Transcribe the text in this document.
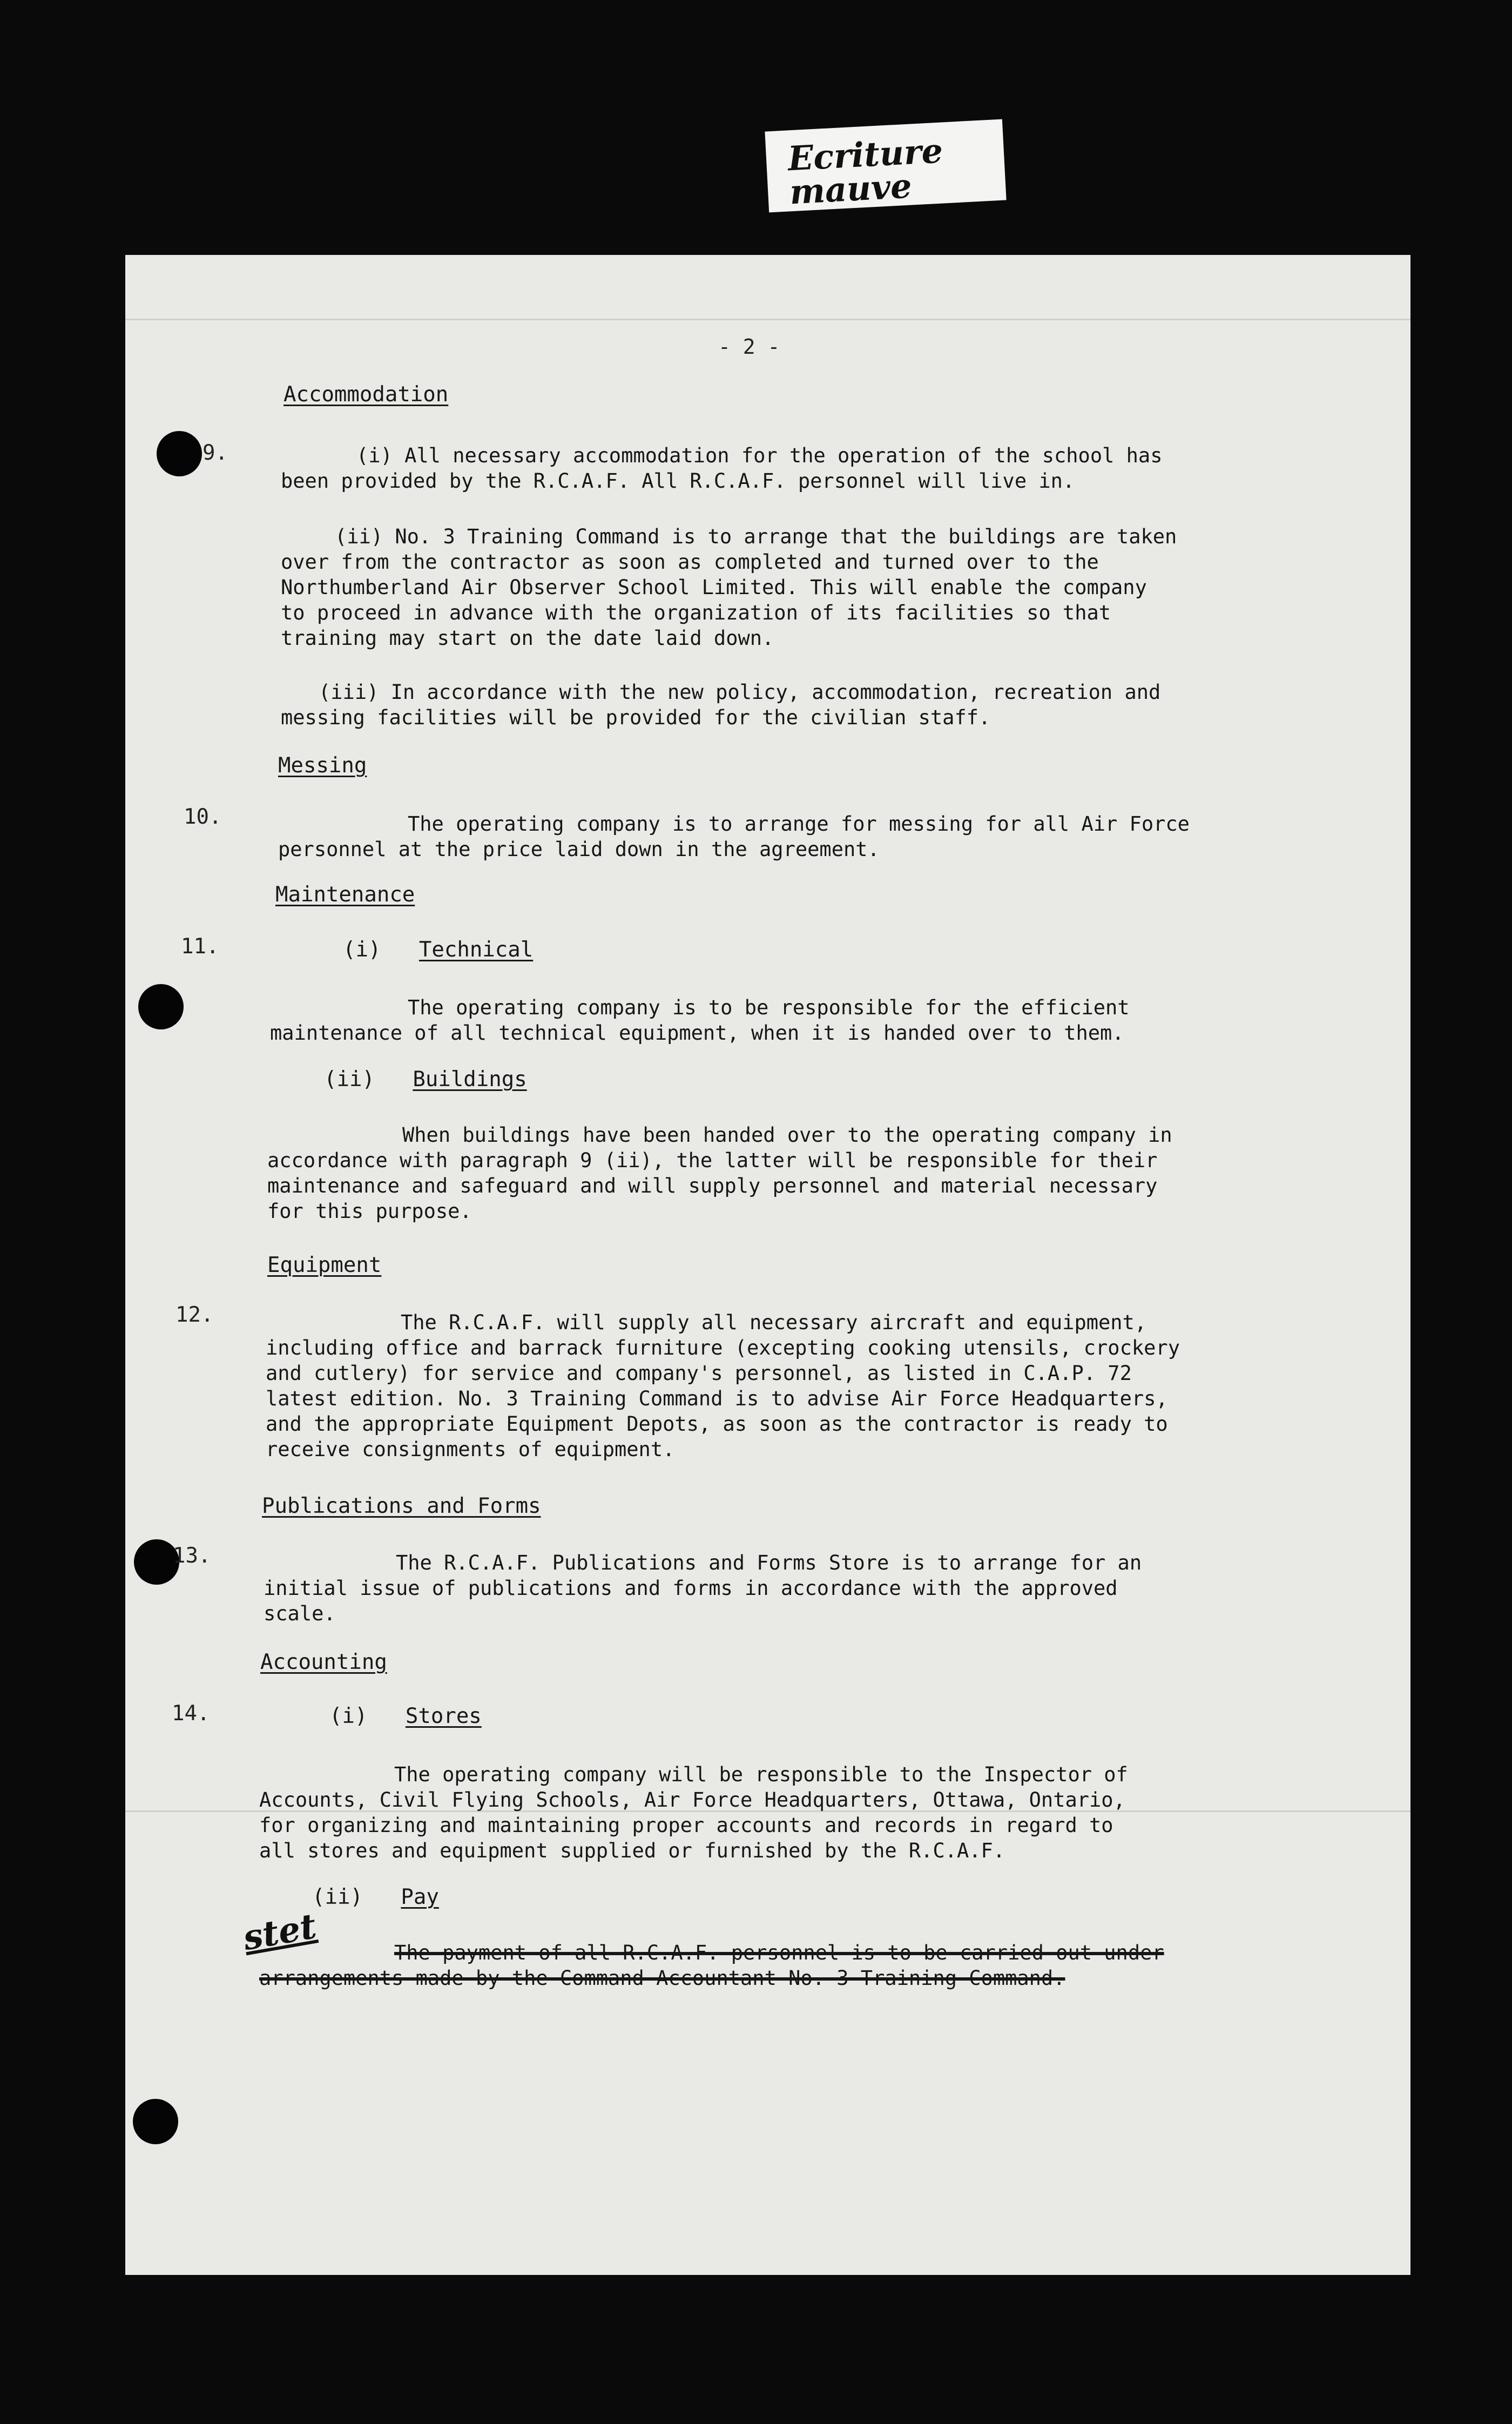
Ecriture
mauve
- 2 -
Accommodation
9.	(i) All necessary accommodation for the operation of the school has
been provided by the R.C.A.F. All R.C.A.F. personnel will live in.
(ii) No. 3 Training Command is to arrange that the buildings are taken
over from the contractor as soon as completed and turned over to the
Northumberland Air Observer School Limited. This will enable the company
to proceed in advance with the organization of its facilities so that
training may start on the date laid down.
(iii) In accordance with the new policy, accommodation, recreation and
messing facilities will be provided for the civilian staff.
Messing
10.	The operating company is to arrange for messing for all Air Force
personnel at the price laid down in the agreement.
Maintenance
11.	(i) Technical
The operating company is to be responsible for the efficient
maintenance of all technical equipment, when it is handed over to them.
(ii) Buildings
When buildings have been handed over to the operating company in
accordance with paragraph 9 (ii), the latter will be responsible for their
maintenance and safeguard and will supply personnel and material necessary
for this purpose.
Equipment
12.	The R.C.A.F. will supply all necessary aircraft and equipment,
including office and barrack furniture (excepting cooking utensils, crockery
and cutlery) for service and company's personnel, as listed in C.A.P. 72
latest edition. No. 3 Training Command is to advise Air Force Headquarters,
and the appropriate Equipment Depots, as soon as the contractor is ready to
receive consignments of equipment.
Publications and Forms
13.	The R.C.A.F. Publications and Forms Store is to arrange for an
initial issue of publications and forms in accordance with the approved
scale.
Accounting
14.	(i) Stores
The operating company will be responsible to the Inspector of
Accounts, Civil Flying Schools, Air Force Headquarters, Ottawa, Ontario,
for organizing and maintaining proper accounts and records in regard to
all stores and equipment supplied or furnished by the R.C.A.F.
(ii) Pay
stet	The payment of all R.C.A.F. personnel is to be carried out under
arrangements made by the Command Accountant No. 3 Training Command.
